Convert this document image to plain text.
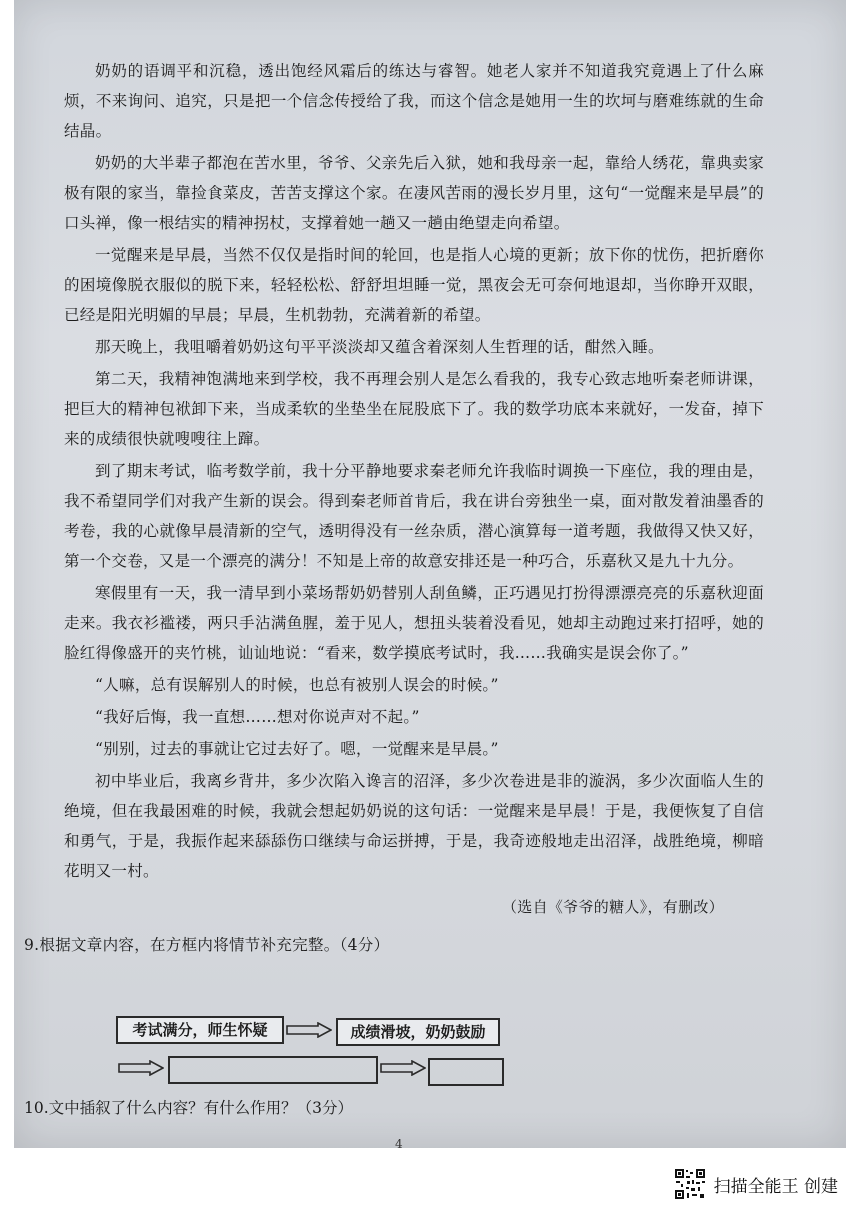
奶奶的语调平和沉稳，透出饱经风霜后的练达与睿智。她老人家并不知道我究竟遇上了什么麻烦，不来询问、追究，只是把一个信念传授给了我，而这个信念是她用一生的坎坷与磨难练就的生命结晶。

奶奶的大半辈子都泡在苦水里，爷爷、父亲先后入狱，她和我母亲一起，靠给人绣花，靠典卖家极有限的家当，靠捡食菜皮，苦苦支撑这个家。在凄风苦雨的漫长岁月里，这句“一觉醒来是早晨”的口头禅，像一根结实的精神拐杖，支撑着她一趟又一趟由绝望走向希望。

一觉醒来是早晨，当然不仅仅是指时间的轮回，也是指人心境的更新；放下你的忧伤，把折磨你的困境像脱衣服似的脱下来，轻轻松松、舒舒坦坦睡一觉，黑夜会无可奈何地退却，当你睁开双眼，已经是阳光明媚的早晨；早晨，生机勃勃，充满着新的希望。

那天晚上，我咀嚼着奶奶这句平平淡淡却又蕴含着深刻人生哲理的话，酣然入睡。

第二天，我精神饱满地来到学校，我不再理会别人是怎么看我的，我专心致志地听秦老师讲课，把巨大的精神包袱卸下来，当成柔软的坐垫坐在屁股底下了。我的数学功底本来就好，一发奋，掉下来的成绩很快就嗖嗖往上蹿。

到了期末考试，临考数学前，我十分平静地要求秦老师允许我临时调换一下座位，我的理由是，我不希望同学们对我产生新的误会。得到秦老师首肯后，我在讲台旁独坐一桌，面对散发着油墨香的考卷，我的心就像早晨清新的空气，透明得没有一丝杂质，潜心演算每一道考题，我做得又快又好，第一个交卷，又是一个漂亮的满分！不知是上帝的故意安排还是一种巧合，乐嘉秋又是九十九分。

寒假里有一天，我一清早到小菜场帮奶奶替别人刮鱼鳞，正巧遇见打扮得漂漂亮亮的乐嘉秋迎面走来。我衣衫褴褛，两只手沾满鱼腥，羞于见人，想扭头装着没看见，她却主动跑过来打招呼，她的脸红得像盛开的夹竹桃，讪讪地说：“看来，数学摸底考试时，我……我确实是误会你了。”

“人嘛，总有误解别人的时候，也总有被别人误会的时候。”

“我好后悔，我一直想……想对你说声对不起。”

“别别，过去的事就让它过去好了。嗯，一觉醒来是早晨。”

初中毕业后，我离乡背井，多少次陷入谗言的沼泽，多少次卷进是非的漩涡，多少次面临人生的绝境，但在我最困难的时候，我就会想起奶奶说的这句话：一觉醒来是早晨！于是，我便恢复了自信和勇气，于是，我振作起来舔舔伤口继续与命运拼搏，于是，我奇迹般地走出沼泽，战胜绝境，柳暗花明又一村。

（选自《爷爷的糖人》，有删改）
9.根据文章内容，在方框内将情节补充完整。（4分）
考试满分，师生怀疑	成绩滑坡，奶奶鼓励
10.文中插叙了什么内容？有什么作用？（3分）
4
扫描全能王 创建
